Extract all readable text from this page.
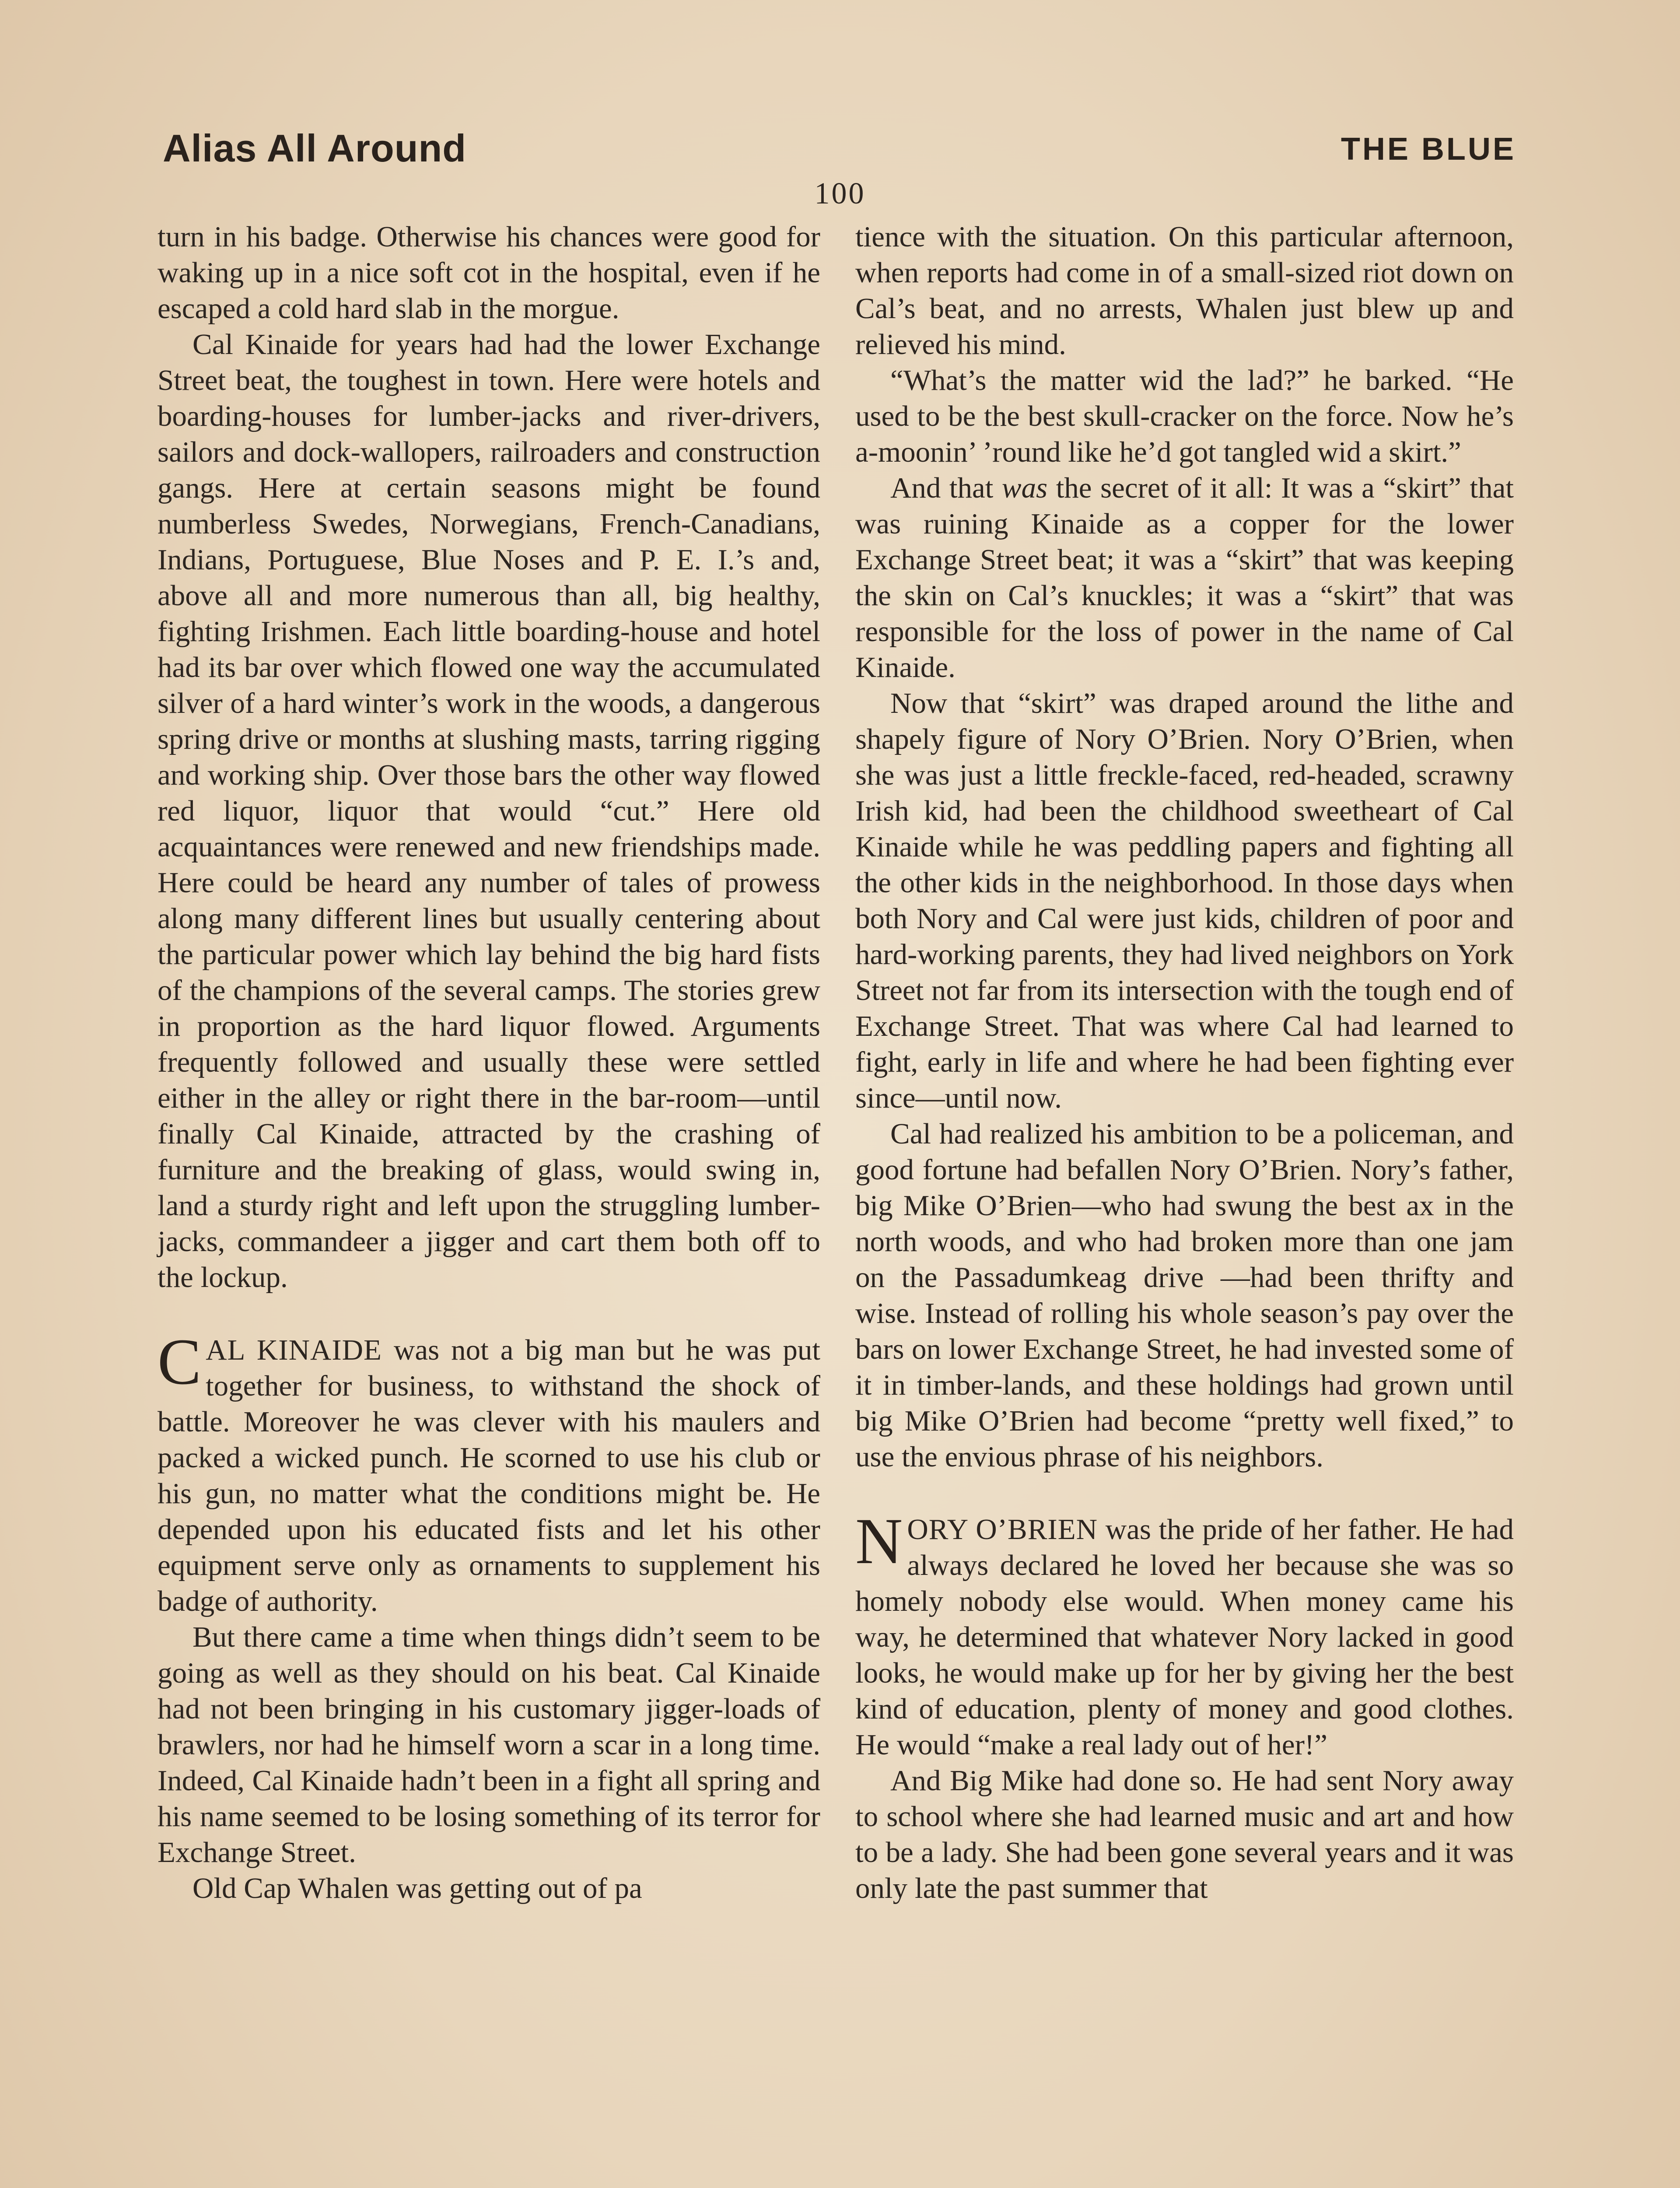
Alias All Around	THE BLUE
100

turn in his badge. Otherwise his chances were good for waking up in a nice soft cot in the hospital, even if he escaped a cold hard slab in the morgue.

Cal Kinaide for years had had the lower Exchange Street beat, the toughest in town. Here were hotels and boarding-houses for lumber-jacks and river-drivers, sailors and dock-wallopers, railroaders and construction gangs. Here at certain seasons might be found numberless Swedes, Norwegians, French-Canadians, Indians, Portuguese, Blue Noses and P. E. I.’s and, above all and more numerous than all, big healthy, fighting Irishmen. Each little boarding-house and hotel had its bar over which flowed one way the accumulated silver of a hard winter’s work in the woods, a dangerous spring drive or months at slushing masts, tarring rigging and working ship. Over those bars the other way flowed red liquor, liquor that would “cut.” Here old acquaintances were renewed and new friendships made. Here could be heard any number of tales of prowess along many different lines but usually centering about the particular power which lay behind the big hard fists of the champions of the several camps. The stories grew in proportion as the hard liquor flowed. Arguments frequently followed and usually these were settled either in the alley or right there in the bar-room—until finally Cal Kinaide, attracted by the crashing of furniture and the breaking of glass, would swing in, land a sturdy right and left upon the struggling lumber-jacks, commandeer a jigger and cart them both off to the lockup.

CAL KINAIDE was not a big man but he was put together for business, to withstand the shock of battle. Moreover he was clever with his maulers and packed a wicked punch. He scorned to use his club or his gun, no matter what the conditions might be. He depended upon his educated fists and let his other equipment serve only as ornaments to supplement his badge of authority.

But there came a time when things didn’t seem to be going as well as they should on his beat. Cal Kinaide had not been bringing in his customary jigger-loads of brawlers, nor had he himself worn a scar in a long time. Indeed, Cal Kinaide hadn’t been in a fight all spring and his name seemed to be losing something of its terror for Exchange Street.

Old Cap Whalen was getting out of pa

tience with the situation. On this particular afternoon, when reports had come in of a small-sized riot down on Cal’s beat, and no arrests, Whalen just blew up and relieved his mind.

“What’s the matter wid the lad?” he barked. “He used to be the best skull-cracker on the force. Now he’s a-moonin’ ’round like he’d got tangled wid a skirt.”

And that was the secret of it all: It was a “skirt” that was ruining Kinaide as a copper for the lower Exchange Street beat; it was a “skirt” that was keeping the skin on Cal’s knuckles; it was a “skirt” that was responsible for the loss of power in the name of Cal Kinaide.

Now that “skirt” was draped around the lithe and shapely figure of Nory O’Brien. Nory O’Brien, when she was just a little freckle-faced, red-headed, scrawny Irish kid, had been the childhood sweetheart of Cal Kinaide while he was peddling papers and fighting all the other kids in the neighborhood. In those days when both Nory and Cal were just kids, children of poor and hard-working parents, they had lived neighbors on York Street not far from its intersection with the tough end of Exchange Street. That was where Cal had learned to fight, early in life and where he had been fighting ever since—until now.

Cal had realized his ambition to be a policeman, and good fortune had befallen Nory O’Brien. Nory’s father, big Mike O’Brien—who had swung the best ax in the north woods, and who had broken more than one jam on the Passadumkeag drive —had been thrifty and wise. Instead of rolling his whole season’s pay over the bars on lower Exchange Street, he had invested some of it in timber-lands, and these holdings had grown until big Mike O’Brien had become “pretty well fixed,” to use the envious phrase of his neighbors.

NORY O’BRIEN was the pride of her father. He had always declared he loved her because she was so homely nobody else would. When money came his way, he determined that whatever Nory lacked in good looks, he would make up for her by giving her the best kind of education, plenty of money and good clothes. He would “make a real lady out of her!”

And Big Mike had done so. He had sent Nory away to school where she had learned music and art and how to be a lady. She had been gone several years and it was only late the past summer that
